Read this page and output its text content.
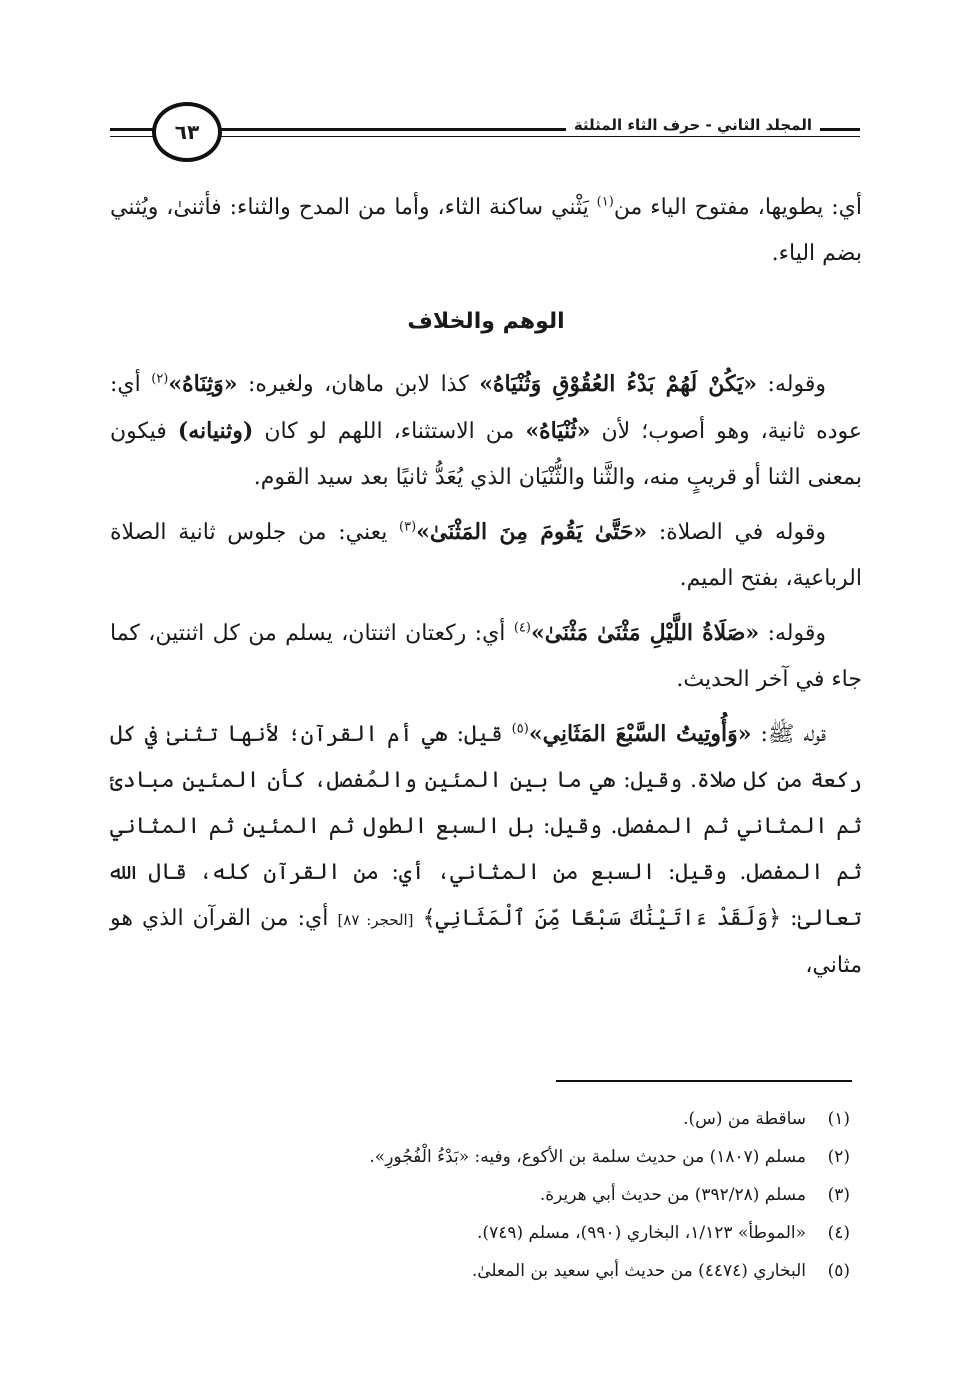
٦٣	المجلد الثاني - حرف الثاء المثلثة

أي: يطويها، مفتوح الياء من$^{(١)}$ يَثْني ساكنة الثاء، وأما من المدح والثناء: فأثنىٰ، ويُثني بضم الياء.

الوهم والخلاف

وقوله: «يَكُنْ لَهُمْ بَدْءُ العُقُوْقِ وَثُنْيَاهُ» كذا لابن ماهان، ولغيره: «وَثِنَاهُ»$^{(٢)}$ أي: عوده ثانية، وهو أصوب؛ لأن «ثُنْيَاهُ» من الاستثناء، اللهم لو كان (وثنيانه) فيكون بمعنى الثنا أو قريبٍ منه، والثَّنا والثُّنْيَان الذي يُعَدُّ ثانيًا بعد سيد القوم.

وقوله في الصلاة: «حَتَّىٰ يَقُومَ مِنَ المَثْنَىٰ»$^{(٣)}$ يعني: من جلوس ثانية الصلاة الرباعية، بفتح الميم.

وقوله: «صَلَاةُ اللَّيْلِ مَثْنَىٰ مَثْنَىٰ»$^{(٤)}$ أي: ركعتان اثنتان، يسلم من كل اثنتين، كما جاء في آخر الحديث.

قوله ﷺ: «وَأُوتِيتُ السَّبْعَ المَثَانِي»$^{(٥)}$ قيل: هي أم القرآن؛ لأنها تثنىٰ في كل ركعة من كل صلاة. وقيل: هي ما بين المئين والمُفصل، كأن المئين مبادئ ثم المثاني ثم المفصل. وقيل: بل السبع الطول ثم المئين ثم المثاني ثم المفصل. وقيل: السبع من المثاني، أي: من القرآن كله، قال الله تعالىٰ: ﴿وَلَقَدْ ءَاتَيْنَٰكَ سَبْعًا مِّنَ ٱلْمَثَانِي﴾ [الحجر: ٨٧] أي: من القرآن الذي هو مثاني،

(١)
ساقطة من (س).
(٢)
مسلم (١٨٠٧) من حديث سلمة بن الأكوع، وفيه: «بَدْءُ الْفُجُورِ».
(٣)
مسلم (٣٩٢/٢٨) من حديث أبي هريرة.
(٤)
«الموطأ» ١/١٢٣، البخاري (٩٩٠)، مسلم (٧٤٩).
(٥)
البخاري (٤٤٧٤) من حديث أبي سعيد بن المعلىٰ.
